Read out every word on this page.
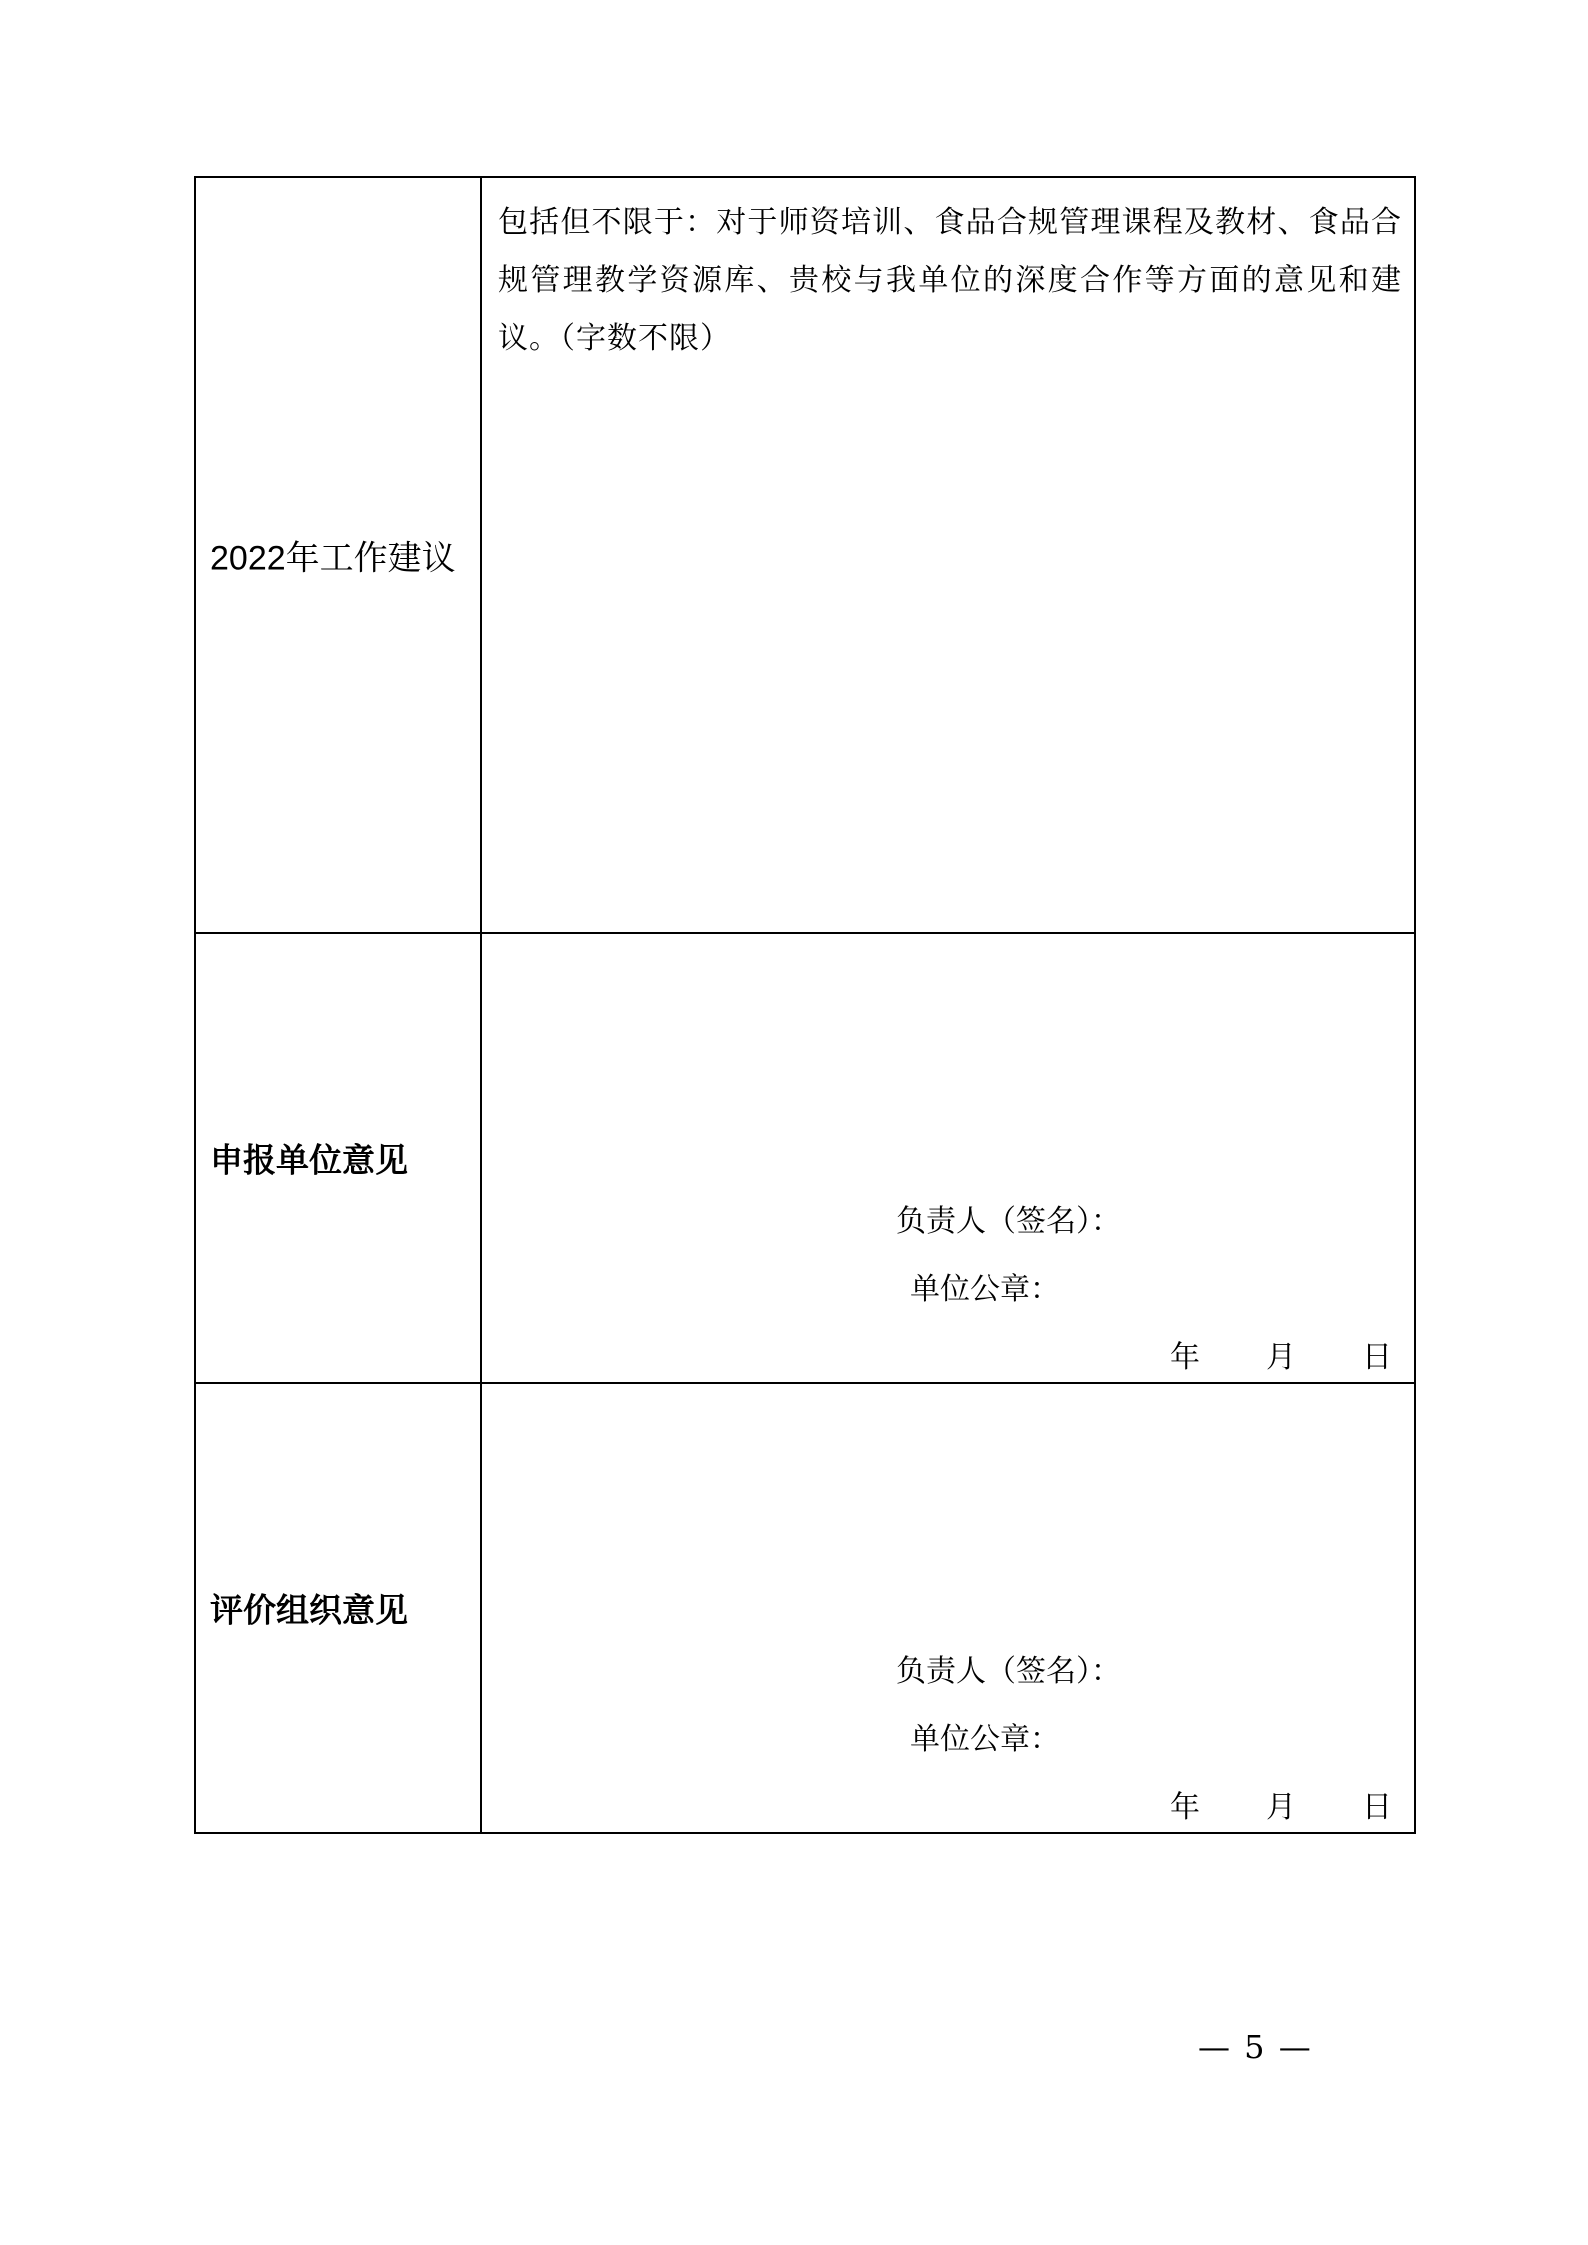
2022年工作建议	包括但不限于：对于师资培训、食品合规管理课程及教材、食品合规管理教学资源库、贵校与我单位的深度合作等方面的意见和建议。（字数不限）

申报单位意见	负责人（签名）：
单位公章：
年 月 日

评价组织意见	负责人（签名）：
单位公章：
年 月 日
— 5 —
